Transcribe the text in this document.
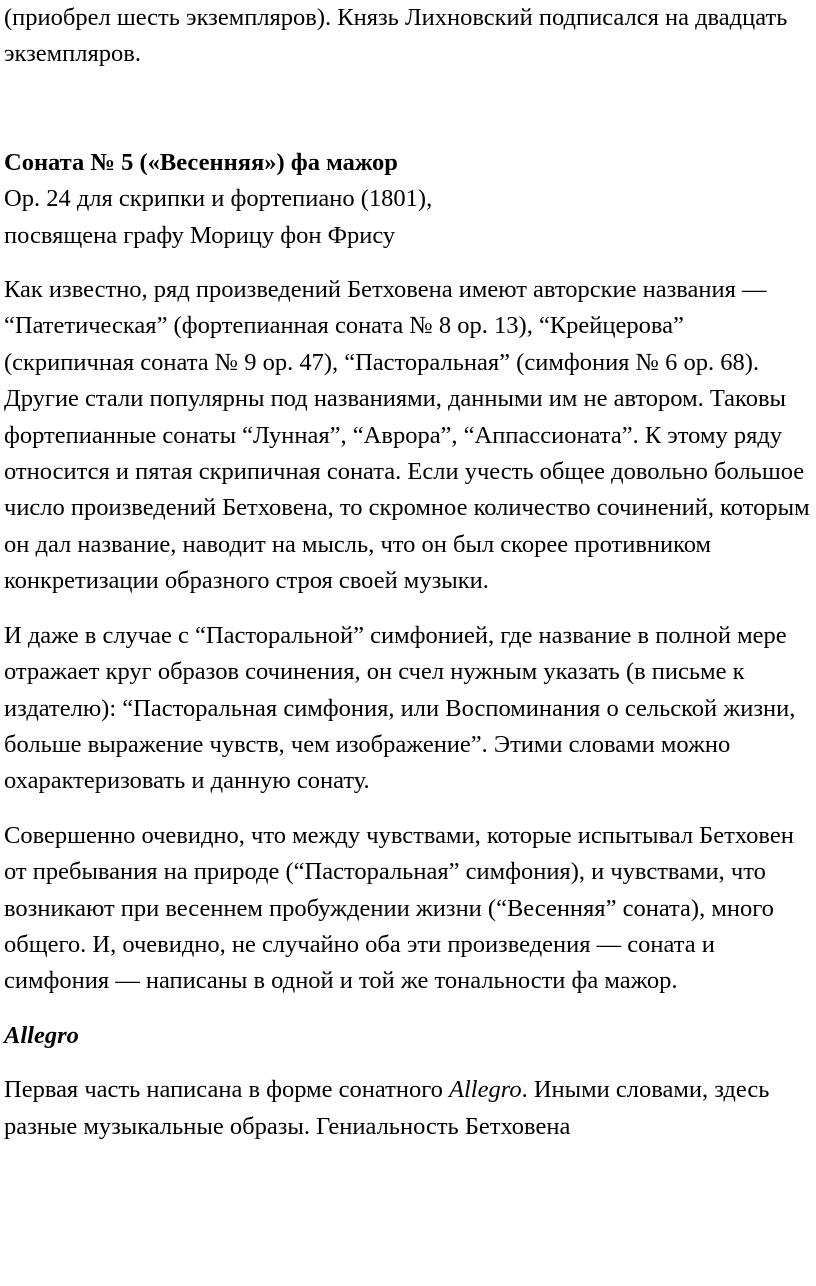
(приобрел шесть экземпляров). Князь Лихновский подписался на двадцать экземпляров.

Соната № 5 («Весенняя») фа мажор

Ор. 24 для скрипки и фортепиано (1801),

посвящена графу Морицу фон Фрису

Как известно, ряд произведений Бетховена имеют авторские названия — “Патетическая” (фортепианная соната № 8 ор. 13), “Крейцерова” (скрипичная соната № 9 ор. 47), “Пасторальная” (симфония № 6 ор. 68). Другие стали популярны под названиями, данными им не автором. Таковы фортепианные сонаты “Лунная”, “Аврора”, “Аппассионата”. К этому ряду относится и пятая скрипичная соната. Если учесть общее довольно большое число произведений Бетховена, то скромное количество сочинений, которым он дал название, наводит на мысль, что он был скорее противником конкретизации образного строя своей музыки.

И даже в случае с “Пасторальной” симфонией, где название в полной мере отражает круг образов сочинения, он счел нужным указать (в письме к издателю): “Пасторальная симфония, или Воспоминания о сельской жизни, больше выражение чувств, чем изображение”. Этими словами можно охарактеризовать и данную сонату.

Совершенно очевидно, что между чувствами, которые испытывал Бетховен от пребывания на природе (“Пасторальная” симфония), и чувствами, что возникают при весеннем пробуждении жизни (“Весенняя” соната), много общего. И, очевидно, не случайно оба эти произведения — соната и симфония — написаны в одной и той же тональности фа мажор.

Allegro

Первая часть написана в форме сонатного Allegro. Иными словами, здесь разные музыкальные образы. Гениальность Бетховена
